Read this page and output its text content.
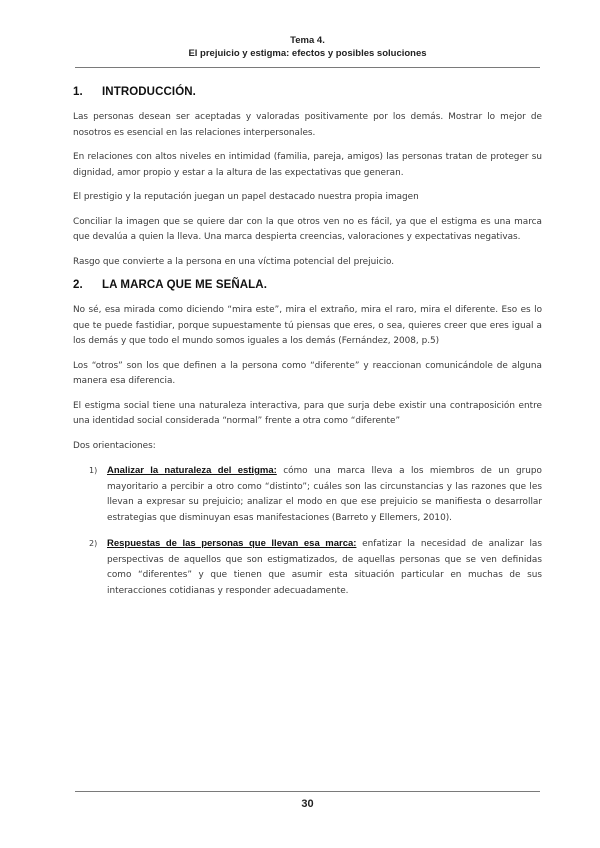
Tema 4.
El prejuicio y estigma: efectos y posibles soluciones
1.	INTRODUCCIÓN.

Las personas desean ser aceptadas y valoradas positivamente por los demás. Mostrar lo mejor de nosotros es esencial en las relaciones interpersonales.

En relaciones con altos niveles en intimidad (familia, pareja, amigos) las personas tratan de proteger su dignidad, amor propio y estar a la altura de las expectativas que generan.

El prestigio y la reputación juegan un papel destacado nuestra propia imagen

Conciliar la imagen que se quiere dar con la que otros ven no es fácil, ya que el estigma es una marca que devalúa a quien la lleva. Una marca despierta creencias, valoraciones y expectativas negativas.

Rasgo que convierte a la persona en una víctima potencial del prejuicio.

2.	LA MARCA QUE ME SEÑALA.

No sé, esa mirada como diciendo “mira este”, mira el extraño, mira el raro, mira el diferente. Eso es lo que te puede fastidiar, porque supuestamente tú piensas que eres, o sea, quieres creer que eres igual a los demás y que todo el mundo somos iguales a los demás (Fernández, 2008, p.5)

Los “otros” son los que definen a la persona como “diferente” y reaccionan comunicándole de alguna manera esa diferencia.

El estigma social tiene una naturaleza interactiva, para que surja debe existir una contraposición entre una identidad social considerada “normal” frente a otra como “diferente”

Dos orientaciones:

1) Analizar la naturaleza del estigma: cómo una marca lleva a los miembros de un grupo mayoritario a percibir a otro como “distinto”; cuáles son las circunstancias y las razones que les llevan a expresar su prejuicio; analizar el modo en que ese prejuicio se manifiesta o desarrollar estrategias que disminuyan esas manifestaciones (Barreto y Ellemers, 2010).
2) Respuestas de las personas que llevan esa marca: enfatizar la necesidad de analizar las perspectivas de aquellos que son estigmatizados, de aquellas personas que se ven definidas como “diferentes” y que tienen que asumir esta situación particular en muchas de sus interacciones cotidianas y responder adecuadamente.
30
